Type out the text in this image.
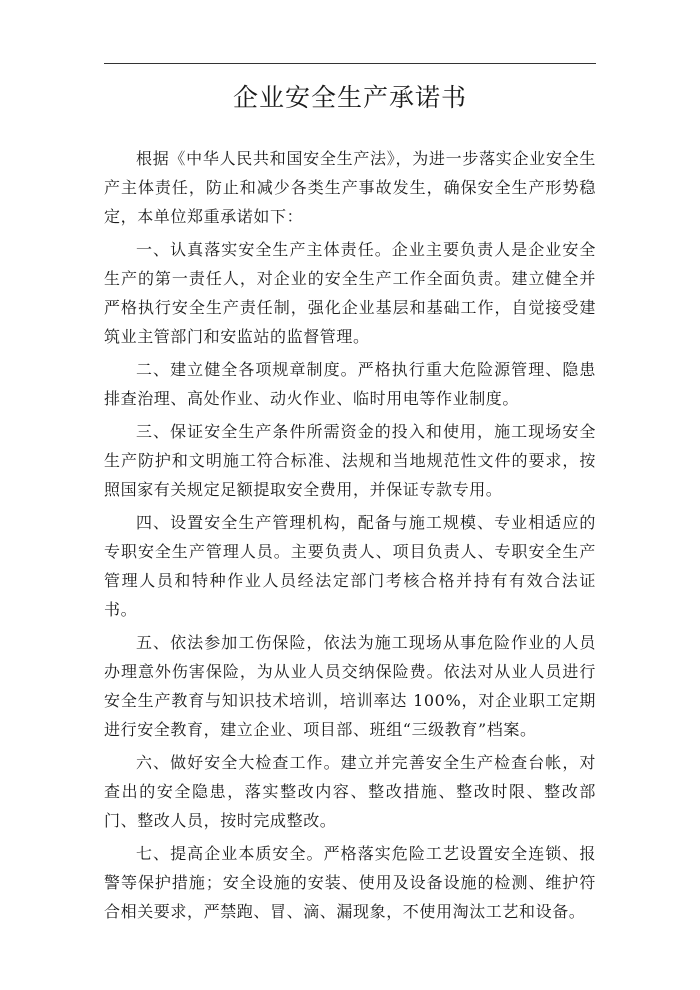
企业安全生产承诺书

根据《中华人民共和国安全生产法》，为进一步落实企业安全生产主体责任，防止和减少各类生产事故发生，确保安全生产形势稳定，本单位郑重承诺如下：

一、认真落实安全生产主体责任。企业主要负责人是企业安全生产的第一责任人，对企业的安全生产工作全面负责。建立健全并严格执行安全生产责任制，强化企业基层和基础工作，自觉接受建筑业主管部门和安监站的监督管理。

二、建立健全各项规章制度。严格执行重大危险源管理、隐患排查治理、高处作业、动火作业、临时用电等作业制度。

三、保证安全生产条件所需资金的投入和使用，施工现场安全生产防护和文明施工符合标准、法规和当地规范性文件的要求，按照国家有关规定足额提取安全费用，并保证专款专用。

四、设置安全生产管理机构，配备与施工规模、专业相适应的专职安全生产管理人员。主要负责人、项目负责人、专职安全生产管理人员和特种作业人员经法定部门考核合格并持有有效合法证书。

五、依法参加工伤保险，依法为施工现场从事危险作业的人员办理意外伤害保险，为从业人员交纳保险费。依法对从业人员进行安全生产教育与知识技术培训，培训率达 100%，对企业职工定期进行安全教育，建立企业、项目部、班组“三级教育”档案。

六、做好安全大检查工作。建立并完善安全生产检查台帐，对查出的安全隐患，落实整改内容、整改措施、整改时限、整改部门、整改人员，按时完成整改。

七、提高企业本质安全。严格落实危险工艺设置安全连锁、报警等保护措施；安全设施的安装、使用及设备设施的检测、维护符合相关要求，严禁跑、冒、滴、漏现象，不使用淘汰工艺和设备。
